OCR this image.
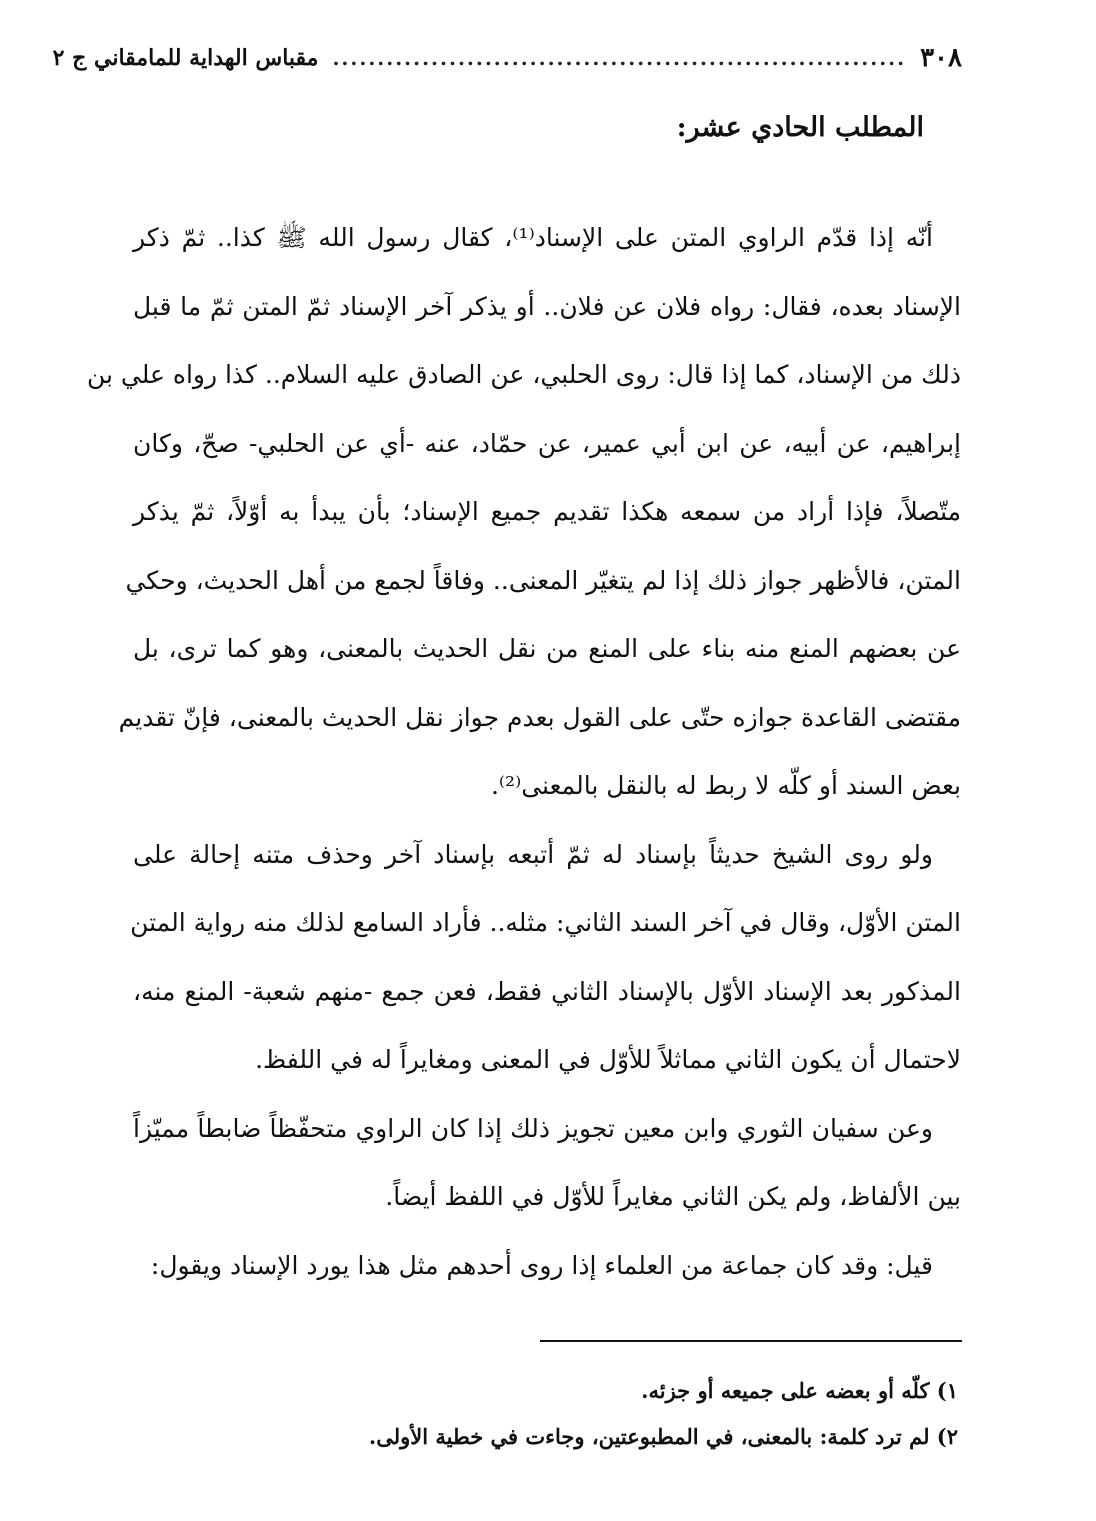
٣٠٨
................................................................
مقباس الهداية للمامقاني ج ٢
المطلب الحادي عشر:
أنّه إذا قدّم الراوي المتن على الإسناد⁽¹⁾، كقال رسول الله ﷺ كذا.. ثمّ ذكر
الإسناد بعده، فقال: رواه فلان عن فلان.. أو يذكر آخر الإسناد ثمّ المتن ثمّ ما قبل
ذلك من الإسناد، كما إذا قال: روى الحلبي، عن الصادق عليه السلام.. كذا رواه علي بن
إبراهيم، عن أبيه، عن ابن أبي عمير، عن حمّاد، عنه -أي عن الحلبي- صحّ، وكان
متّصلاً، فإذا أراد من سمعه هكذا تقديم جميع الإسناد؛ بأن يبدأ به أوّلاً، ثمّ يذكر
المتن، فالأظهر جواز ذلك إذا لم يتغيّر المعنى.. وفاقاً لجمع من أهل الحديث، وحكي
عن بعضهم المنع منه بناء على المنع من نقل الحديث بالمعنى، وهو كما ترى، بل
مقتضى القاعدة جوازه حتّى على القول بعدم جواز نقل الحديث بالمعنى، فإنّ تقديم
بعض السند أو كلّه لا ربط له بالنقل بالمعنى⁽²⁾.
ولو روى الشيخ حديثاً بإسناد له ثمّ أتبعه بإسناد آخر وحذف متنه إحالة على
المتن الأوّل، وقال في آخر السند الثاني: مثله.. فأراد السامع لذلك منه رواية المتن
المذكور بعد الإسناد الأوّل بالإسناد الثاني فقط، فعن جمع -منهم شعبة- المنع منه،
لاحتمال أن يكون الثاني مماثلاً للأوّل في المعنى ومغايراً له في اللفظ.
وعن سفيان الثوري وابن معين تجويز ذلك إذا كان الراوي متحفّظاً ضابطاً مميّزاً
بين الألفاظ، ولم يكن الثاني مغايراً للأوّل في اللفظ أيضاً.
قيل: وقد كان جماعة من العلماء إذا روى أحدهم مثل هذا يورد الإسناد ويقول:
١) كلّه أو بعضه على جميعه أو جزئه.
٢) لم ترد كلمة: بالمعنى، في المطبوعتين، وجاءت في خطية الأولى.
